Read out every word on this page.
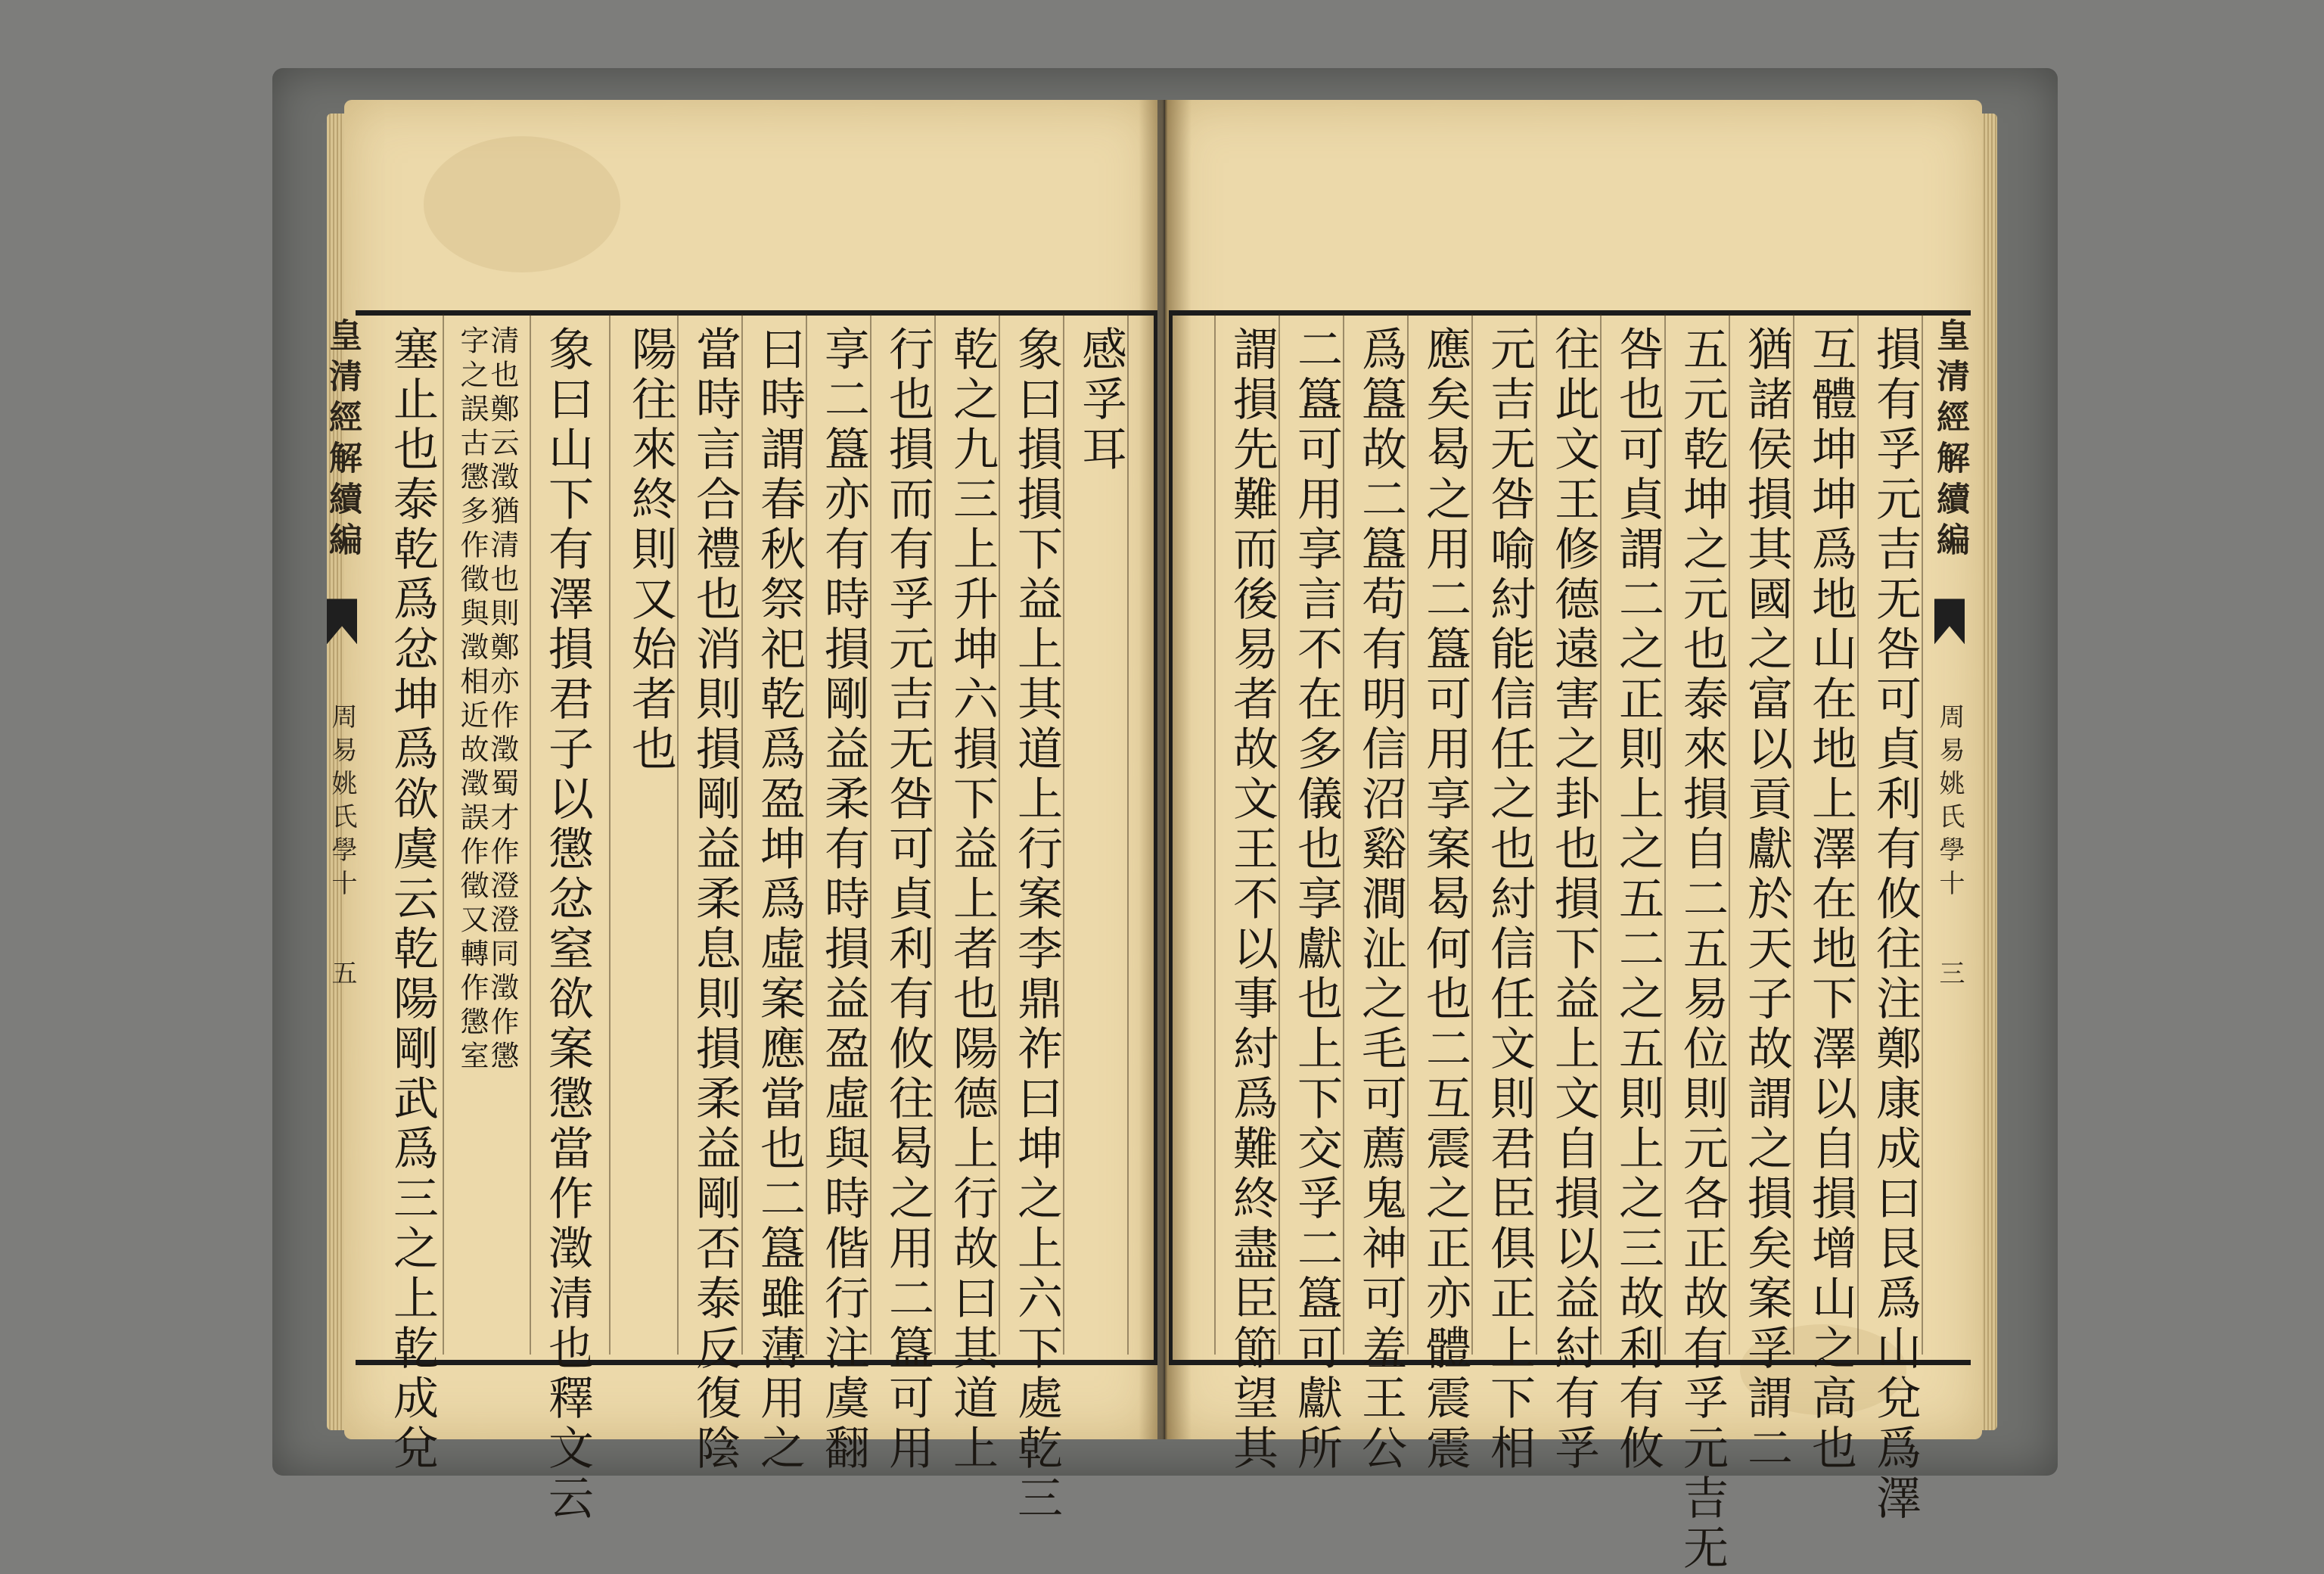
皇清經解續編  周易姚氏學十 五
皇清經解續編  周易姚氏學十 三
感孚耳
象曰損損下益上其道上行案李鼎祚曰坤之上六下處乾三
乾之九三上升坤六損下益上者也陽德上行故曰其道上
行也損而有孚元吉无咎可貞利有攸往曷之用二簋可用
享二簋亦有時損剛益柔有時損益盈虛與時偕行注虞翻
曰時謂春秋祭祀乾爲盈坤爲虛案應當也二簋雖薄用之
當時言合禮也消則損剛益柔息則損柔益剛否泰反復陰
陽往來終則又始者也
象曰山下有澤損君子以懲忿窒欲案懲當作澂清也釋文云
清也鄭云澂猶清也則鄭亦作澂蜀才作澄澄同澂作懲
字之誤古懲多作徵與澂相近故澂誤作徵又轉作懲室
塞止也泰乾爲忿坤爲欲虞云乾陽剛武爲三之上乾成兌	損有孚元吉无咎可貞利有攸往注鄭康成曰艮爲山兌爲澤
互體坤坤爲地山在地上澤在地下澤以自損增山之高也
猶諸侯損其國之富以貢獻於天子故謂之損矣案孚謂二
五元乾坤之元也泰來損自二五易位則元各正故有孚元吉无
咎也可貞謂二之正則上之五二之五則上之三故利有攸
往此文王修德遠害之卦也損下益上文自損以益紂有孚
元吉无咎喻紂能信任之也紂信任文則君臣俱正上下相
應矣曷之用二簋可用享案曷何也二互震之正亦體震震
爲簋故二簋苟有明信沼谿澗沚之毛可薦鬼神可羞王公
二簋可用享言不在多儀也享獻也上下交孚二簋可獻所
謂損先難而後易者故文王不以事紂爲難終盡臣節望其
